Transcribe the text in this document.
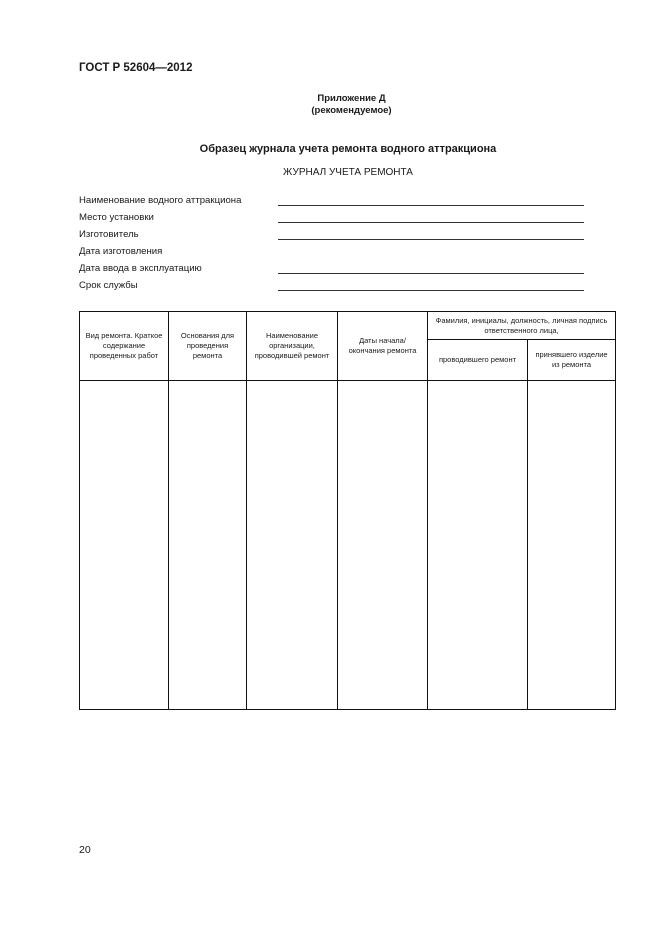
ГОСТ Р 52604—2012
Приложение Д
(рекомендуемое)
Образец журнала учета ремонта водного аттракциона
ЖУРНАЛ УЧЕТА РЕМОНТА
Наименование водного аттракциона
Место установки
Изготовитель
Дата изготовления
Дата ввода в эксплуатацию
Срок службы
Вид ремонта. Краткое содержание проведенных работ	Основания для проведения ремонта	Наименование организации, проводившей ремонт	Даты начала/окончания ремонта	Фамилия, инициалы, должность, личная подпись ответственного лица,	
				проводившего ремонт	принявшего изделие из ремонта

20
